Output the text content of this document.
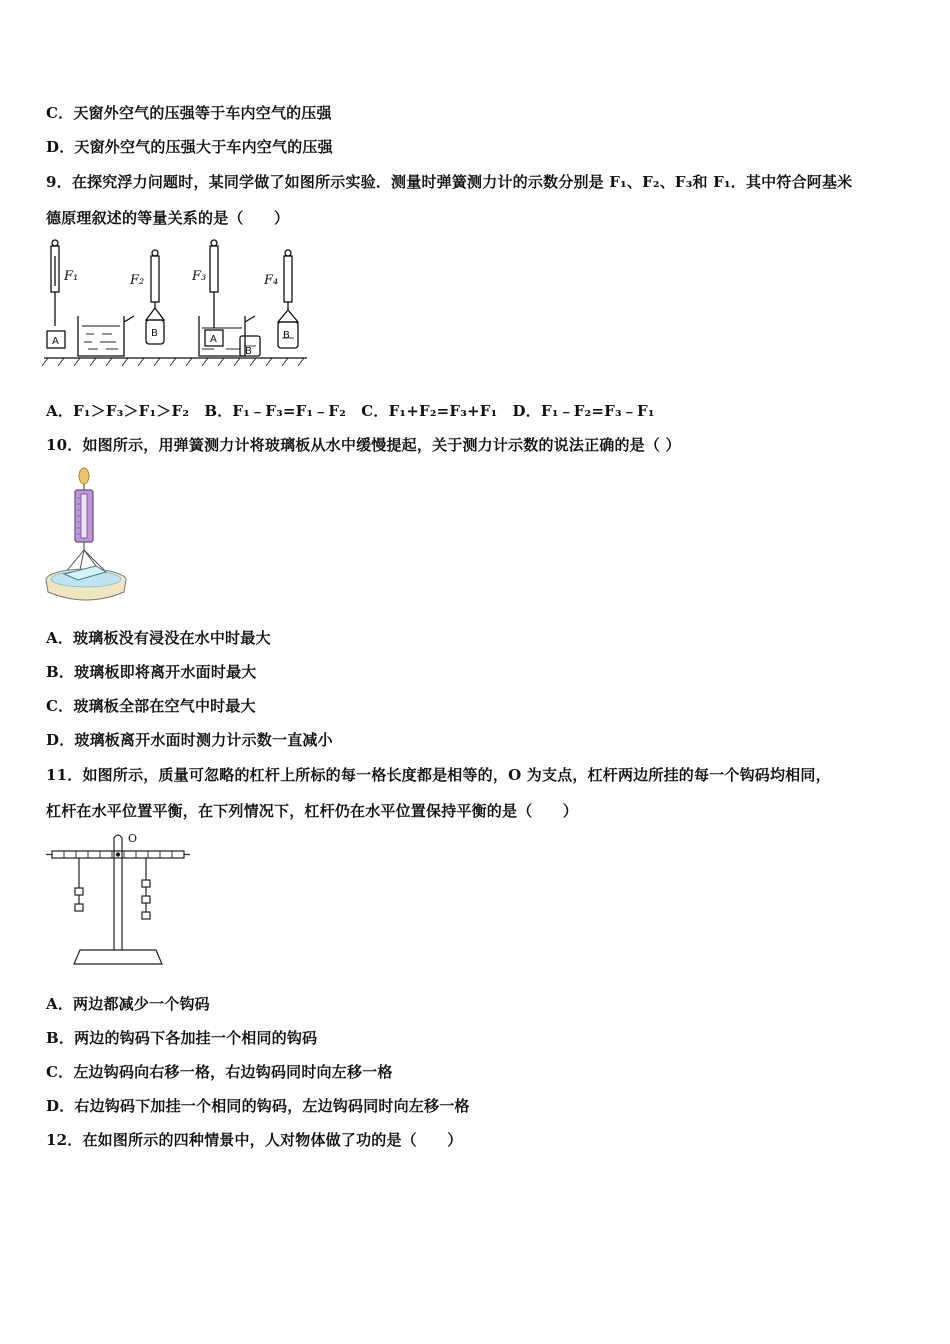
C．天窗外空气的压强等于车内空气的压强
D．天窗外空气的压强大于车内空气的压强
9．在探究浮力问题时，某同学做了如图所示实验．测量时弹簧测力计的示数分别是 F₁、F₂、F₃和 F₁．其中符合阿基米
德原理叙述的等量关系的是（　　）
F₁	F₂	F₃	F₄
A
B
A
B
B
A．F₁＞F₃＞F₁＞F₂　B．F₁﹣F₃=F₁﹣F₂　C．F₁+F₂=F₃+F₁　D．F₁﹣F₂=F₃﹣F₁
10．如图所示，用弹簧测力计将玻璃板从水中缓慢提起，关于测力计示数的说法正确的是（ ）
A．玻璃板没有浸没在水中时最大
B．玻璃板即将离开水面时最大
C．玻璃板全部在空气中时最大
D．玻璃板离开水面时测力计示数一直减小
11．如图所示，质量可忽略的杠杆上所标的每一格长度都是相等的，O 为支点，杠杆两边所挂的每一个钩码均相同，
杠杆在水平位置平衡，在下列情况下，杠杆仍在水平位置保持平衡的是（　　）
O
A．两边都减少一个钩码
B．两边的钩码下各加挂一个相同的钩码
C．左边钩码向右移一格，右边钩码同时向左移一格
D．右边钩码下加挂一个相同的钩码，左边钩码同时向左移一格
12．在如图所示的四种情景中，人对物体做了功的是（　　）
